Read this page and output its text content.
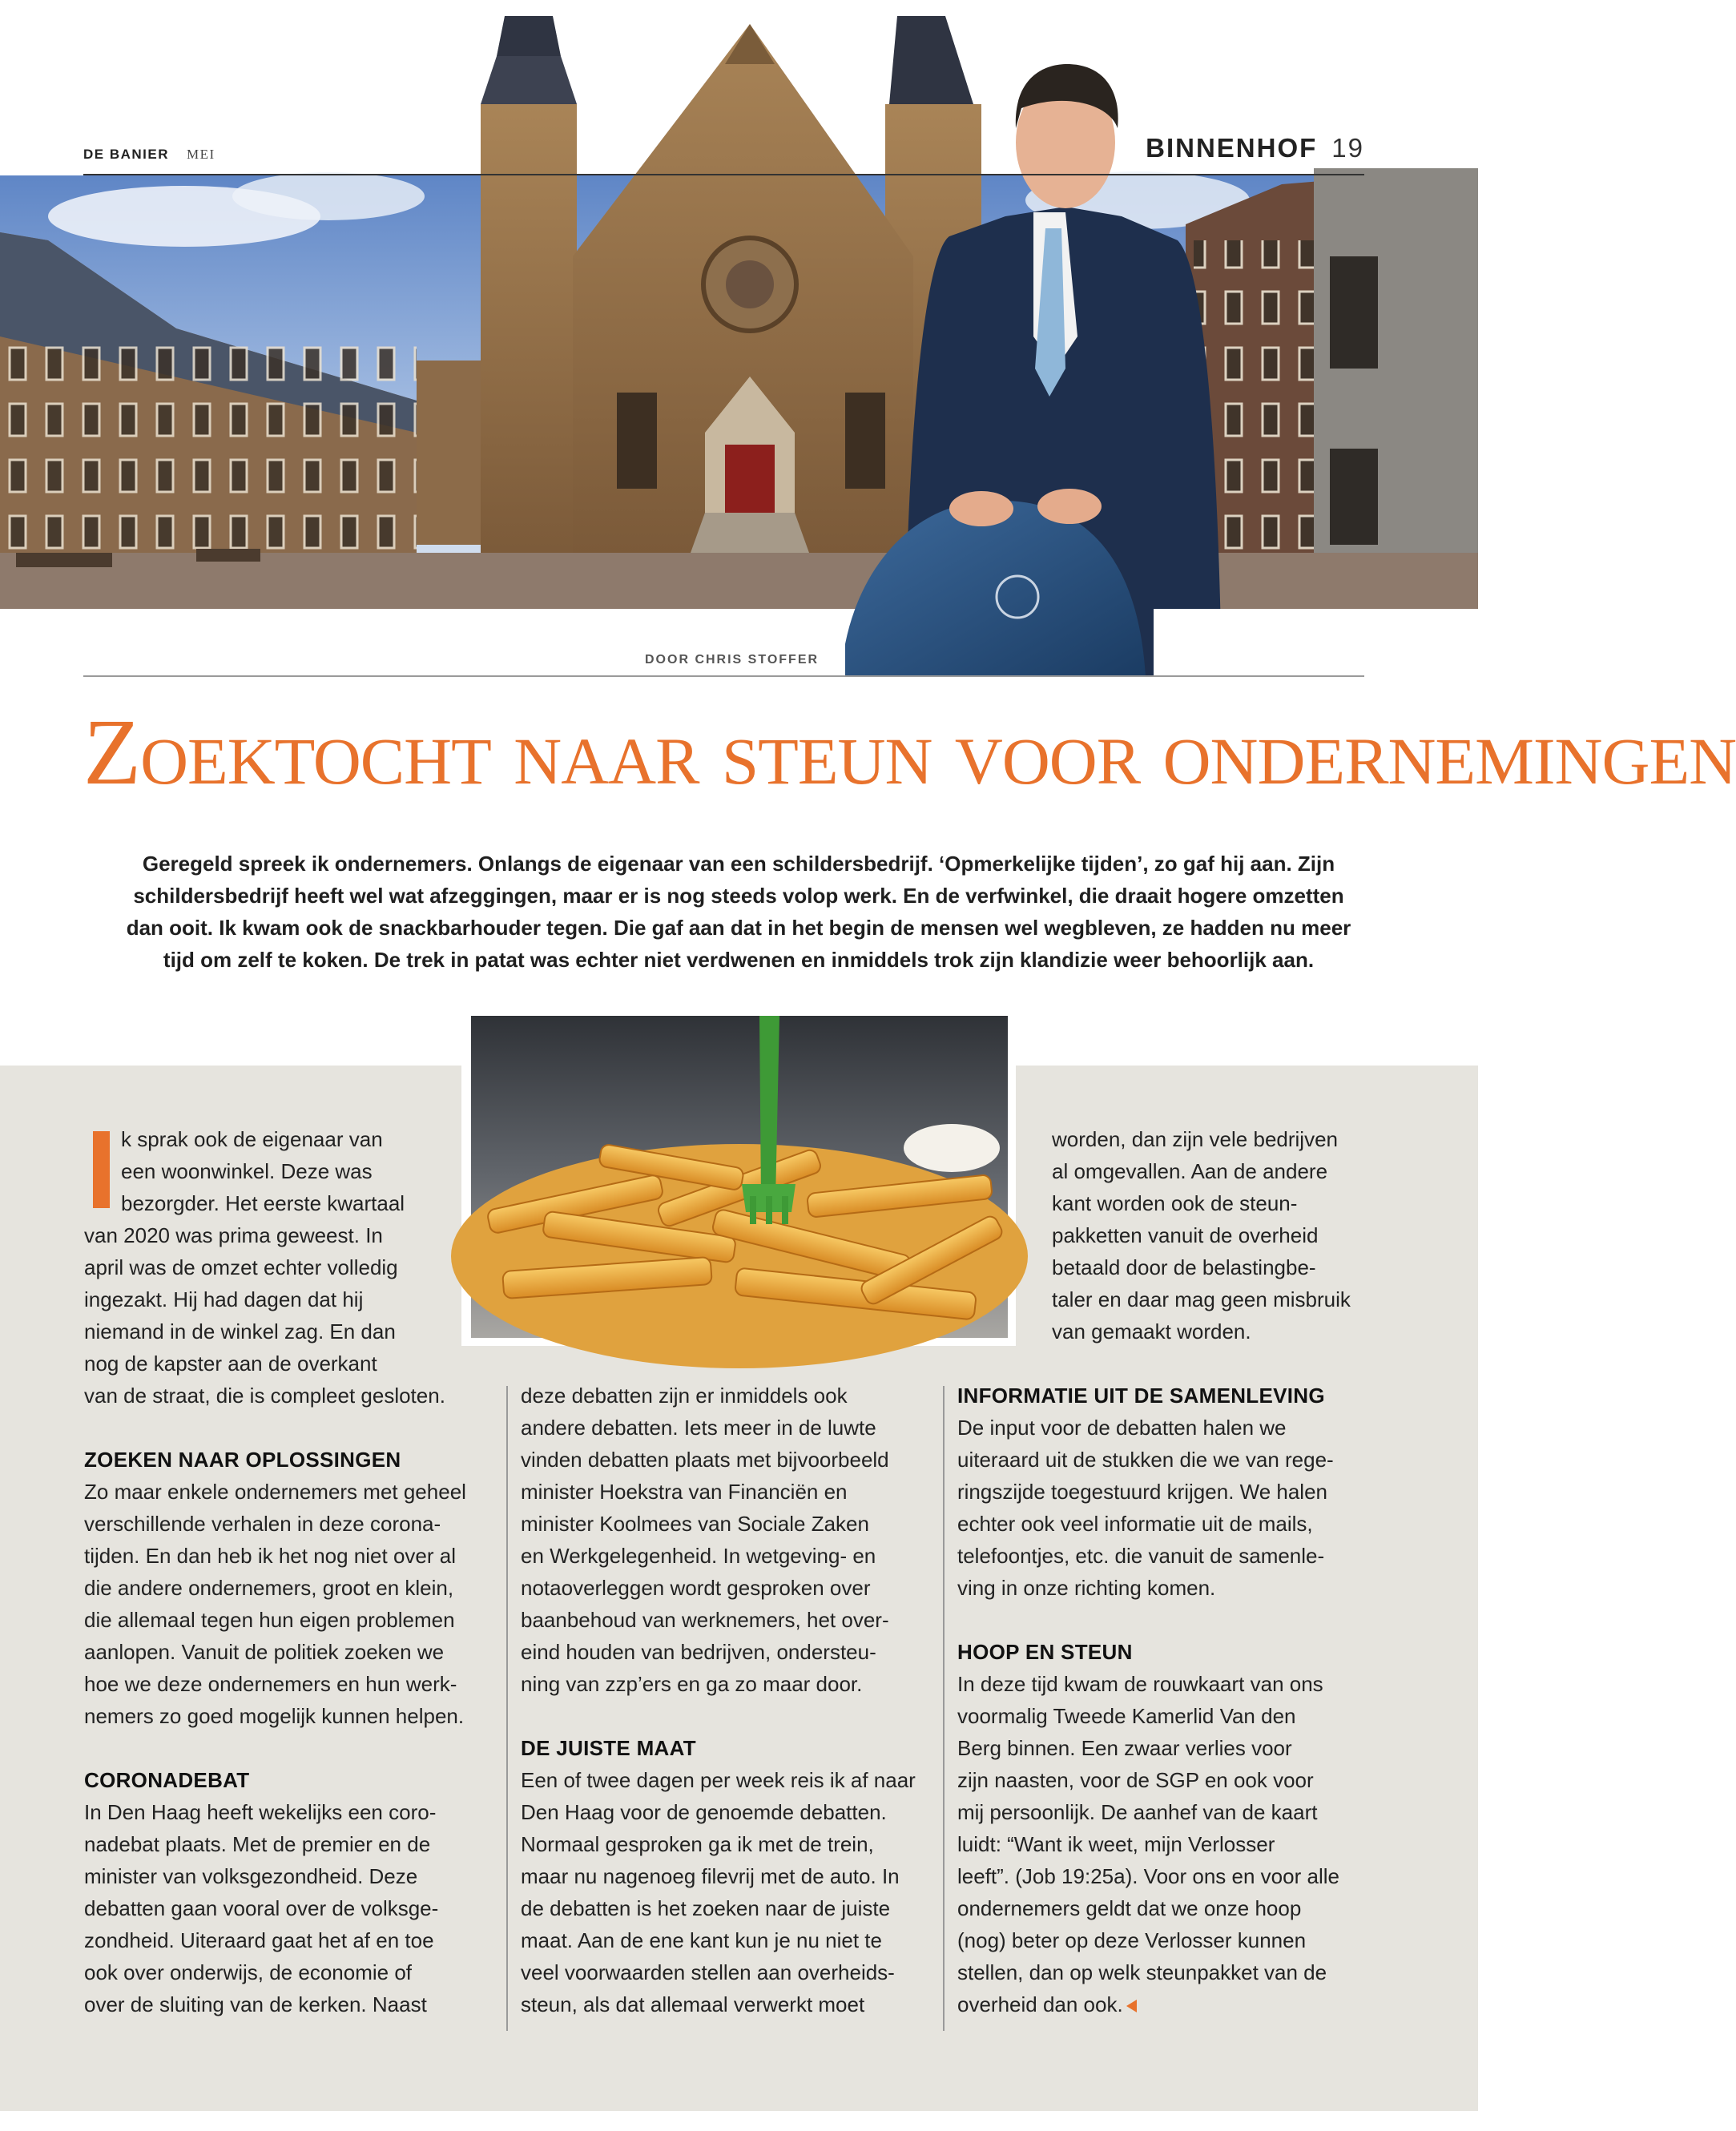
DE BANIER MEI	BINNENHOF 19
DOOR CHRIS STOFFER
Zoektocht naar steun voor ondernemingen
Geregeld spreek ik ondernemers. Onlangs de eigenaar van een schildersbedrijf. ‘Opmerkelijke tijden’, zo gaf hij aan. Zijn
schildersbedrijf heeft wel wat afzeggingen, maar er is nog steeds volop werk. En de verfwinkel, die draait hogere omzetten
dan ooit. Ik kwam ook de snackbarhouder tegen. Die gaf aan dat in het begin de mensen wel wegbleven, ze hadden nu meer
tijd om zelf te koken. De trek in patat was echter niet verdwenen en inmiddels trok zijn klandizie weer behoorlijk aan.

k sprak ook de eigenaar van

een woonwinkel. Deze was

bezorgder. Het eerste kwartaal

van 2020 was prima geweest. In

april was de omzet echter volledig

ingezakt. Hij had dagen dat hij

niemand in de winkel zag. En dan

nog de kapster aan de overkant

van de straat, die is compleet gesloten.

ZOEKEN NAAR OPLOSSINGEN

Zo maar enkele ondernemers met geheel

verschillende verhalen in deze corona-

tijden. En dan heb ik het nog niet over al

die andere ondernemers, groot en klein,

die allemaal tegen hun eigen problemen

aanlopen. Vanuit de politiek zoeken we

hoe we deze ondernemers en hun werk-

nemers zo goed mogelijk kunnen helpen.

CORONADEBAT

In Den Haag heeft wekelijks een coro-

nadebat plaats. Met de premier en de

minister van volksgezondheid. Deze

debatten gaan vooral over de volksge-

zondheid. Uiteraard gaat het af en toe

ook over onderwijs, de economie of

over de sluiting van de kerken. Naast

deze debatten zijn er inmiddels ook

andere debatten. Iets meer in de luwte

vinden debatten plaats met bijvoorbeeld

minister Hoekstra van Financiën en

minister Koolmees van Sociale Zaken

en Werkgelegenheid. In wetgeving- en

notaoverleggen wordt gesproken over

baanbehoud van werknemers, het over-

eind houden van bedrijven, ondersteu-

ning van zzp’ers en ga zo maar door.

DE JUISTE MAAT

Een of twee dagen per week reis ik af naar

Den Haag voor de genoemde debatten.

Normaal gesproken ga ik met de trein,

maar nu nagenoeg filevrij met de auto. In

de debatten is het zoeken naar de juiste

maat. Aan de ene kant kun je nu niet te

veel voorwaarden stellen aan overheids-

steun, als dat allemaal verwerkt moet

worden, dan zijn vele bedrijven

al omgevallen. Aan de andere

kant worden ook de steun-

pakketten vanuit de overheid

betaald door de belastingbe-

taler en daar mag geen misbruik

van gemaakt worden.

INFORMATIE UIT DE SAMENLEVING

De input voor de debatten halen we

uiteraard uit de stukken die we van rege-

ringszijde toegestuurd krijgen. We halen

echter ook veel informatie uit de mails,

telefoontjes, etc. die vanuit de samenle-

ving in onze richting komen.

HOOP EN STEUN

In deze tijd kwam de rouwkaart van ons

voormalig Tweede Kamerlid Van den

Berg binnen. Een zwaar verlies voor

zijn naasten, voor de SGP en ook voor

mij persoonlijk. De aanhef van de kaart

luidt: “Want ik weet, mijn Verlosser

leeft”. (Job 19:25a). Voor ons en voor alle

ondernemers geldt dat we onze hoop

(nog) beter op deze Verlosser kunnen

stellen, dan op welk steunpakket van de

overheid dan ook.
